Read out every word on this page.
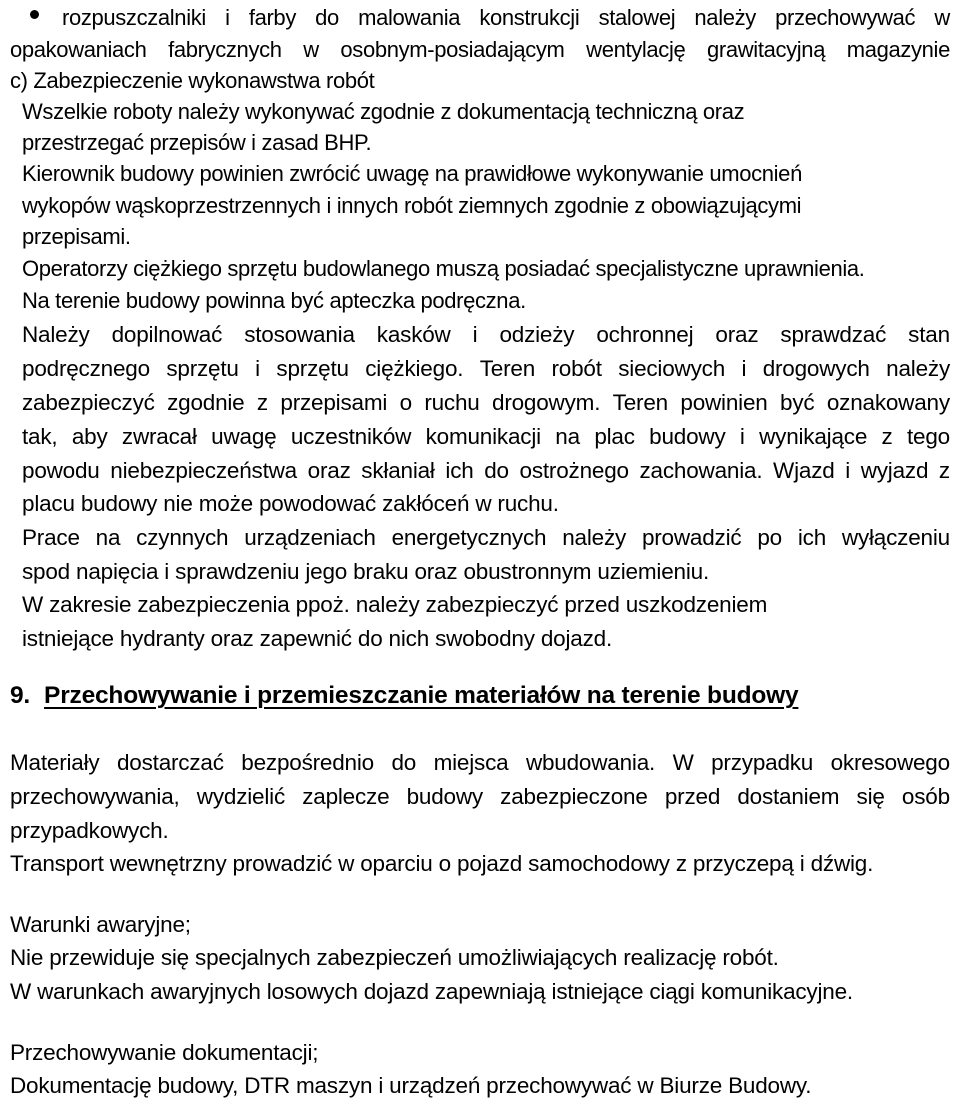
rozpuszczalniki i farby do malowania konstrukcji stalowej należy przechowywać w
opakowaniach fabrycznych w osobnym-posiadającym wentylację grawitacyjną magazynie
c) Zabezpieczenie wykonawstwa robót
Wszelkie roboty należy wykonywać zgodnie z dokumentacją techniczną oraz
przestrzegać przepisów i zasad BHP.
Kierownik budowy powinien zwrócić uwagę na prawidłowe wykonywanie umocnień
wykopów wąskoprzestrzennych i innych robót ziemnych zgodnie z obowiązującymi
przepisami.
Operatorzy ciężkiego sprzętu budowlanego muszą posiadać specjalistyczne uprawnienia.
Na terenie budowy powinna być apteczka podręczna.
Należy dopilnować stosowania kasków i odzieży ochronnej oraz sprawdzać stan
podręcznego sprzętu i sprzętu ciężkiego. Teren robót sieciowych i drogowych należy
zabezpieczyć zgodnie z przepisami o ruchu drogowym. Teren powinien być oznakowany
tak, aby zwracał uwagę uczestników komunikacji na plac budowy i wynikające z tego
powodu niebezpieczeństwa oraz skłaniał ich do ostrożnego zachowania. Wjazd i wyjazd z
placu budowy nie może powodować zakłóceń w ruchu.
Prace na czynnych urządzeniach energetycznych należy prowadzić po ich wyłączeniu
spod napięcia i sprawdzeniu jego braku oraz obustronnym uziemieniu.
W zakresie zabezpieczenia ppoż. należy zabezpieczyć przed uszkodzeniem
istniejące hydranty oraz zapewnić do nich swobodny dojazd.
9. Przechowywanie i przemieszczanie materiałów na terenie budowy
Materiały dostarczać bezpośrednio do miejsca wbudowania. W przypadku okresowego
przechowywania, wydzielić zaplecze budowy zabezpieczone przed dostaniem się osób
przypadkowych.
Transport wewnętrzny prowadzić w oparciu o pojazd samochodowy z przyczepą i dźwig.
Warunki awaryjne;
Nie przewiduje się specjalnych zabezpieczeń umożliwiających realizację robót.
W warunkach awaryjnych losowych dojazd zapewniają istniejące ciągi komunikacyjne.
Przechowywanie dokumentacji;
Dokumentację budowy, DTR maszyn i urządzeń przechowywać w Biurze Budowy.
